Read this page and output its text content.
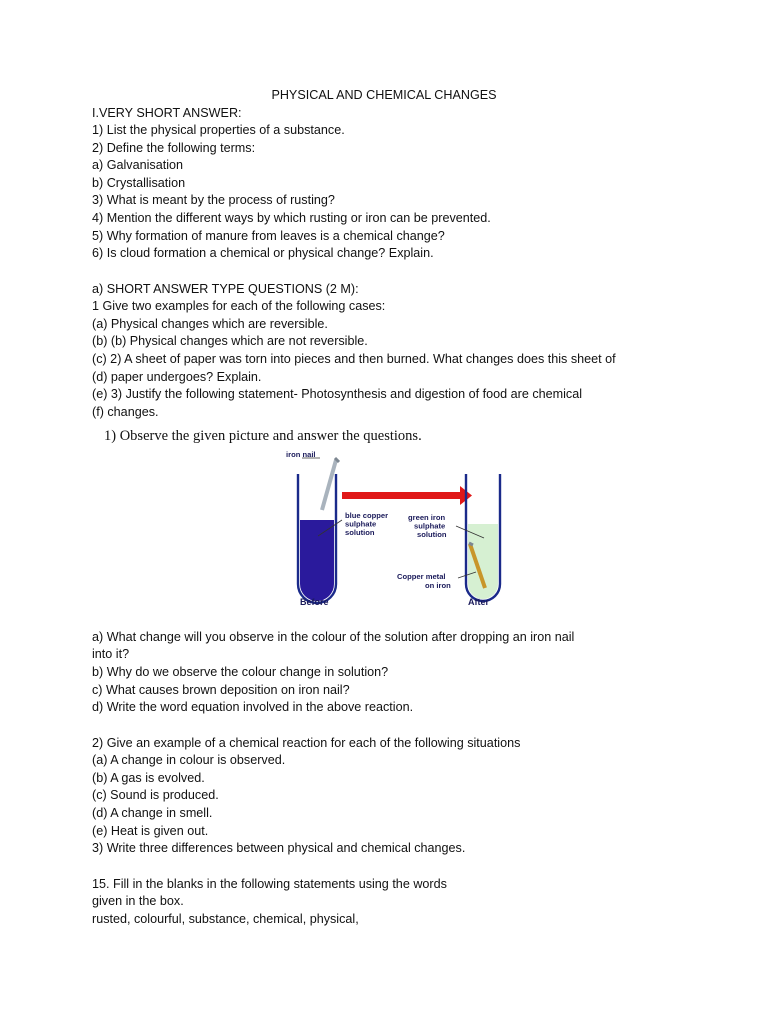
PHYSICAL AND CHEMICAL CHANGES
I.VERY SHORT ANSWER:
1) List the physical properties of a substance.
2) Define the following terms:
a) Galvanisation
b) Crystallisation
3) What is meant by the process of rusting?
4) Mention the different ways by which rusting or iron can be prevented.
5) Why formation of manure from leaves is a chemical change?
6) Is cloud formation a chemical or physical change? Explain.
a) SHORT ANSWER TYPE QUESTIONS (2 M):
1 Give two examples for each of the following cases:
(a) Physical changes which are reversible.
(b) (b) Physical changes which are not reversible.
(c) 2) A sheet of paper was torn into pieces and then burned. What changes does this sheet of
(d) paper undergoes? Explain.
(e) 3) Justify the following statement- Photosynthesis and digestion of food are chemical
(f) changes.
1) Observe the given picture and answer the questions.
iron nail
blue copper
sulphate
solution
green iron
sulphate
solution
Copper metal
on iron
Before	After
a) What change will you observe in the colour of the solution after dropping an iron nail
into it?
b) Why do we observe the colour change in solution?
c) What causes brown deposition on iron nail?
d) Write the word equation involved in the above reaction.
2) Give an example of a chemical reaction for each of the following situations
(a) A change in colour is observed.
(b) A gas is evolved.
(c) Sound is produced.
(d) A change in smell.
(e) Heat is given out.
3) Write three differences between physical and chemical changes.
15. Fill in the blanks in the following statements using the words
given in the box.
rusted, colourful, substance, chemical, physical,
